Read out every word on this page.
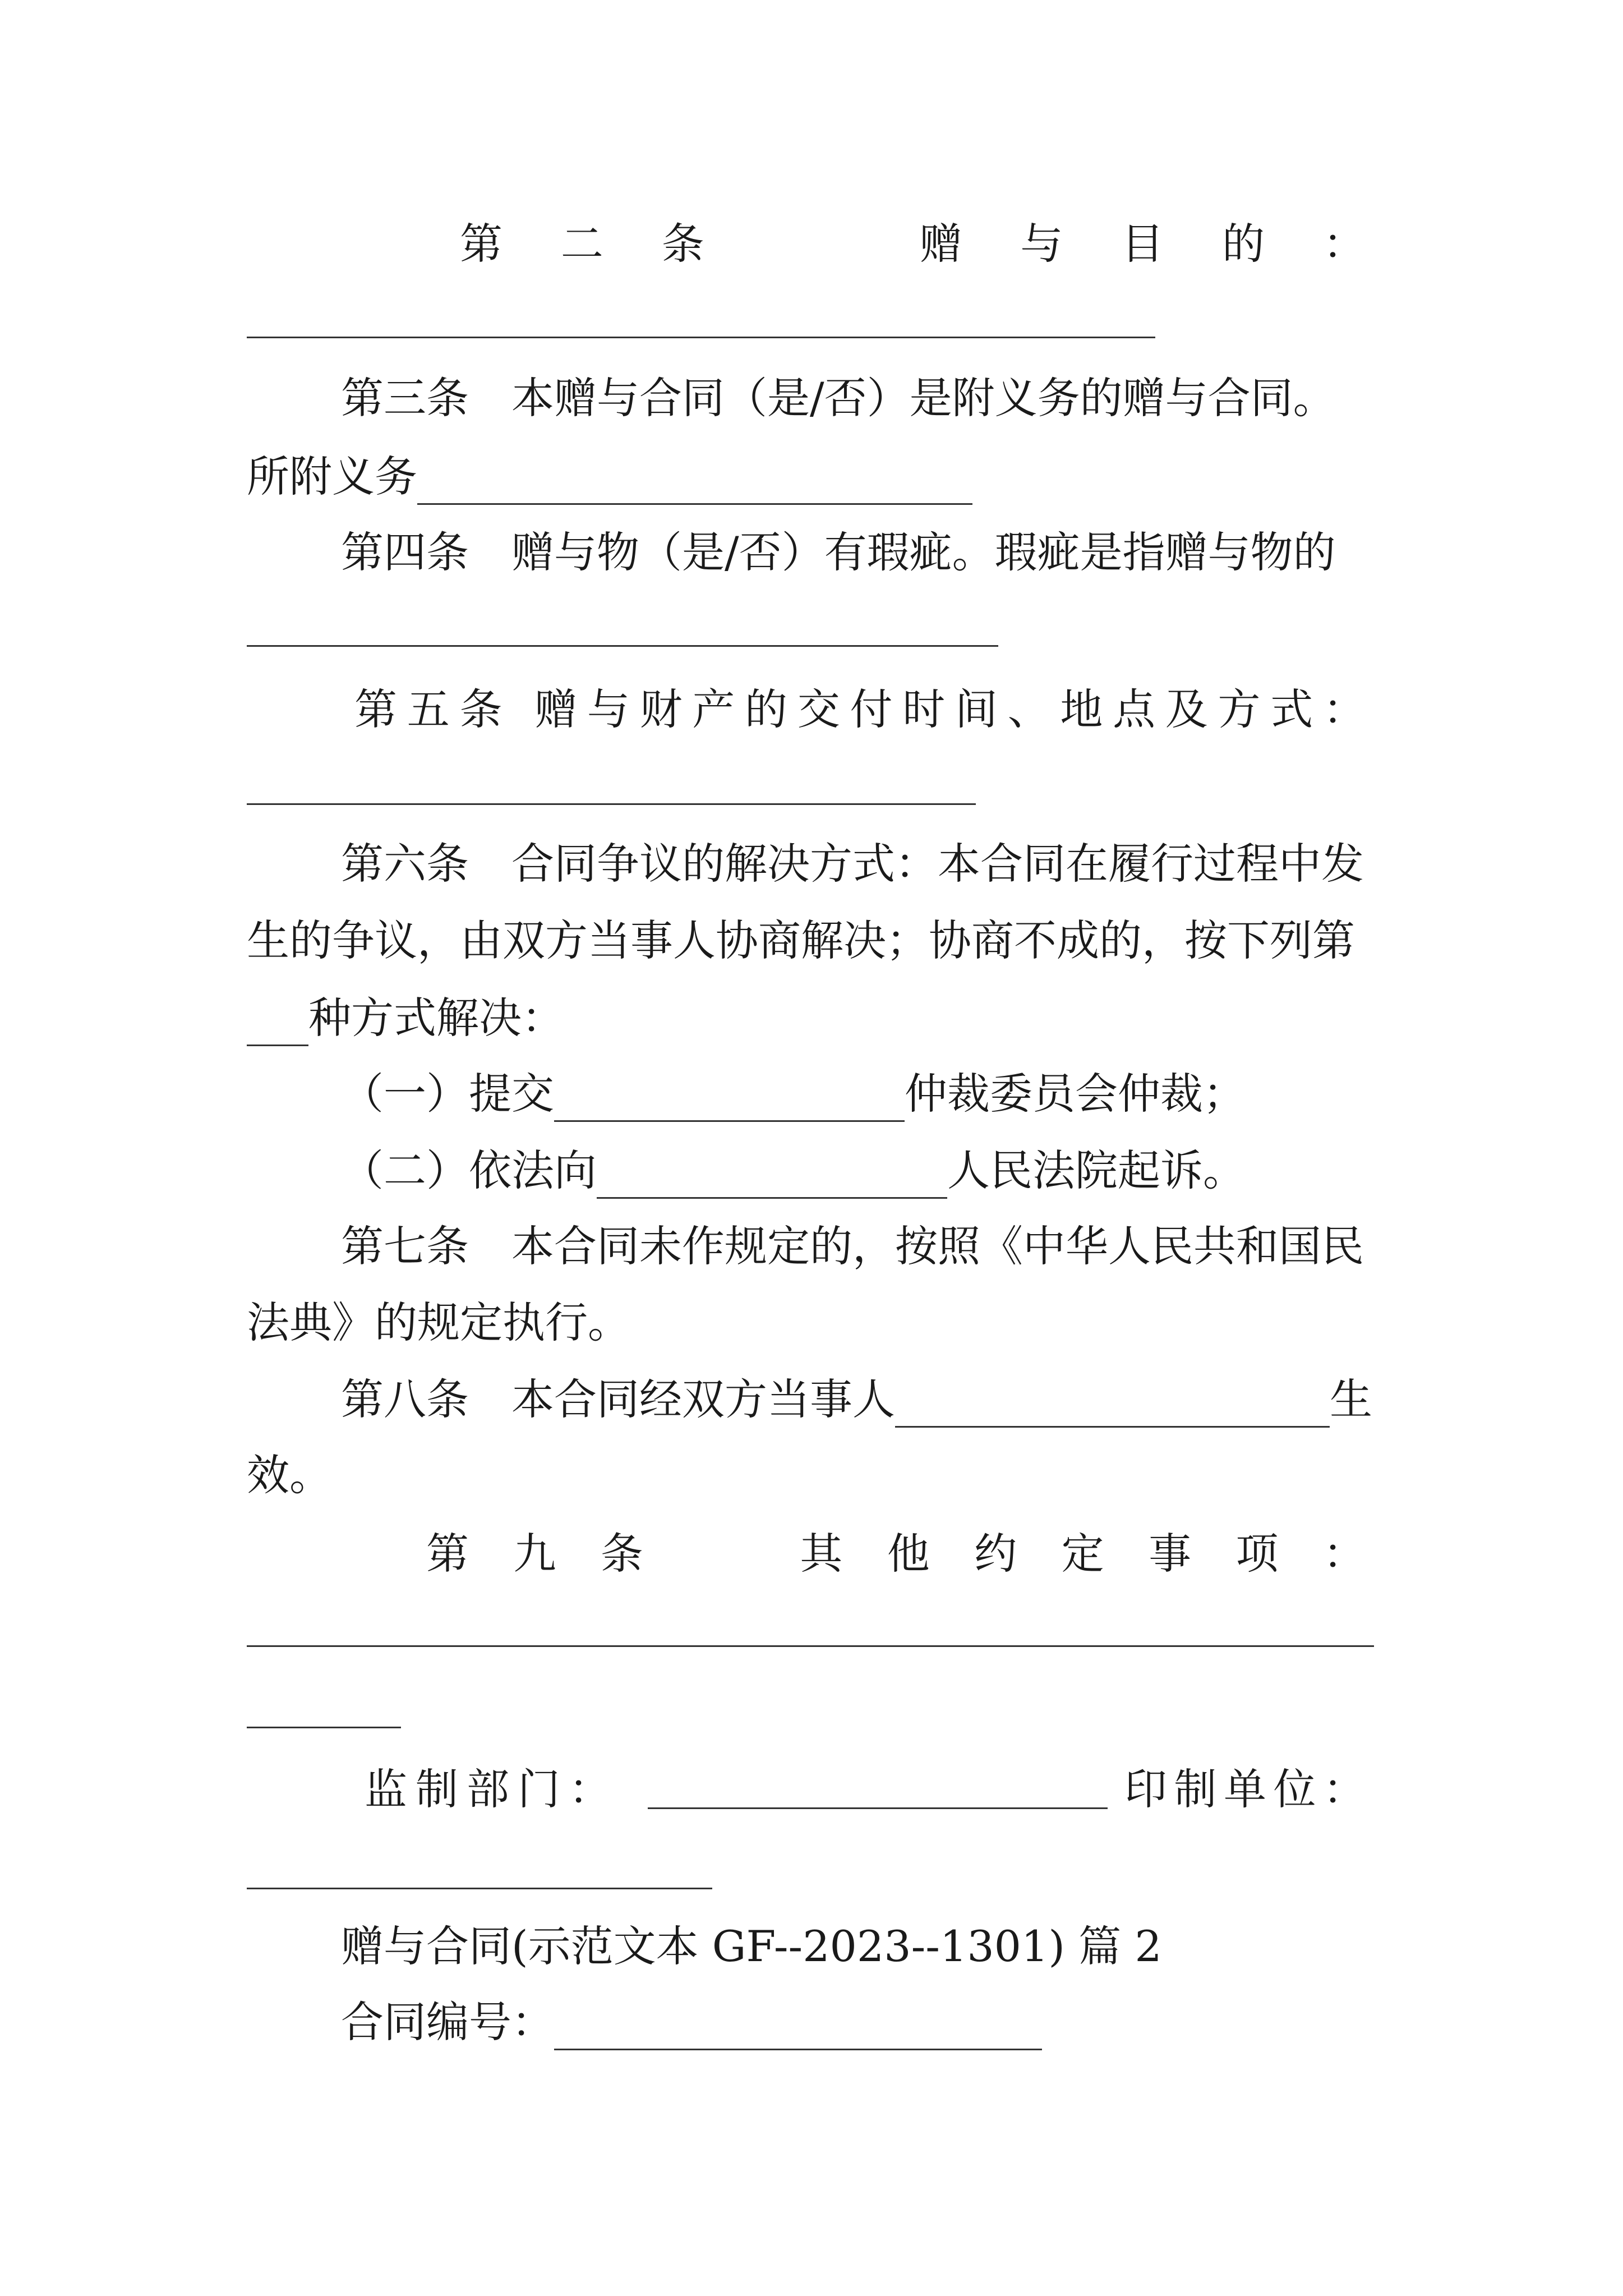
第 二 条	赠 与 目 的 ：
第三条　本赠与合同（是/否）是附义务的赠与合同。
所附义务
第四条　赠与物（是/否）有瑕疵。瑕疵是指赠与物的
第 五 条 赠 与 财 产 的 交 付 时 间 、 地 点 及 方 式 ：
第六条　合同争议的解决方式：本合同在履行过程中发
生的争议，由双方当事人协商解决；协商不成的，按下列第
种方式解决：
（一）提交	仲裁委员会仲裁；
（二）依法向	人民法院起诉。
第七条　本合同未作规定的，按照《中华人民共和国民
法典》的规定执行。
第八条　本合同经双方当事人	生
效。
第 九 条	其 他 约 定 事 项 ：
监 制 部 门 ：	印 制 单 位 ：
赠与合同(示范文本 GF--2023--1301) 篇 2
合同编号：
